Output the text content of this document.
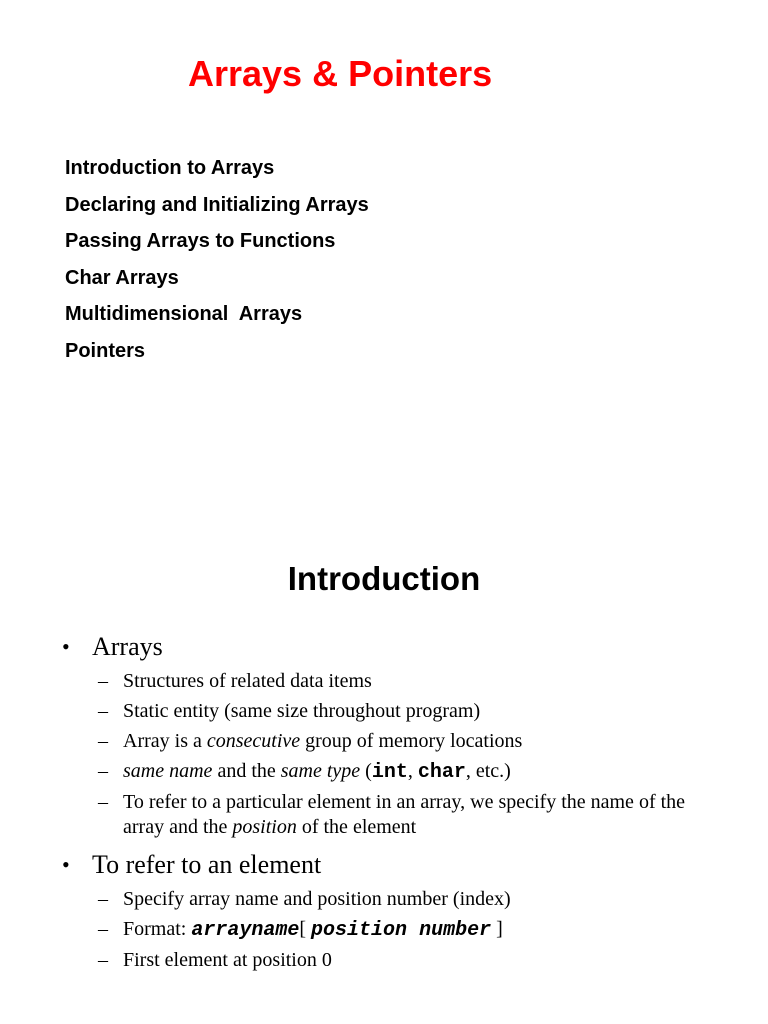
Arrays & Pointers
Introduction to Arrays
Declaring and Initializing Arrays
Passing Arrays to Functions
Char Arrays
Multidimensional  Arrays
Pointers
Introduction

• Arrays

– Structures of related data items
– Static entity (same size throughout program)
– Array is a consecutive group of memory locations
– same name and the same type (int, char, etc.)
– To refer to a particular element in an array, we specify the name of the array and the position of the element

• To refer to an element

– Specify array name and position number (index)
– Format: arrayname[ position number ]
– First element at position 0
